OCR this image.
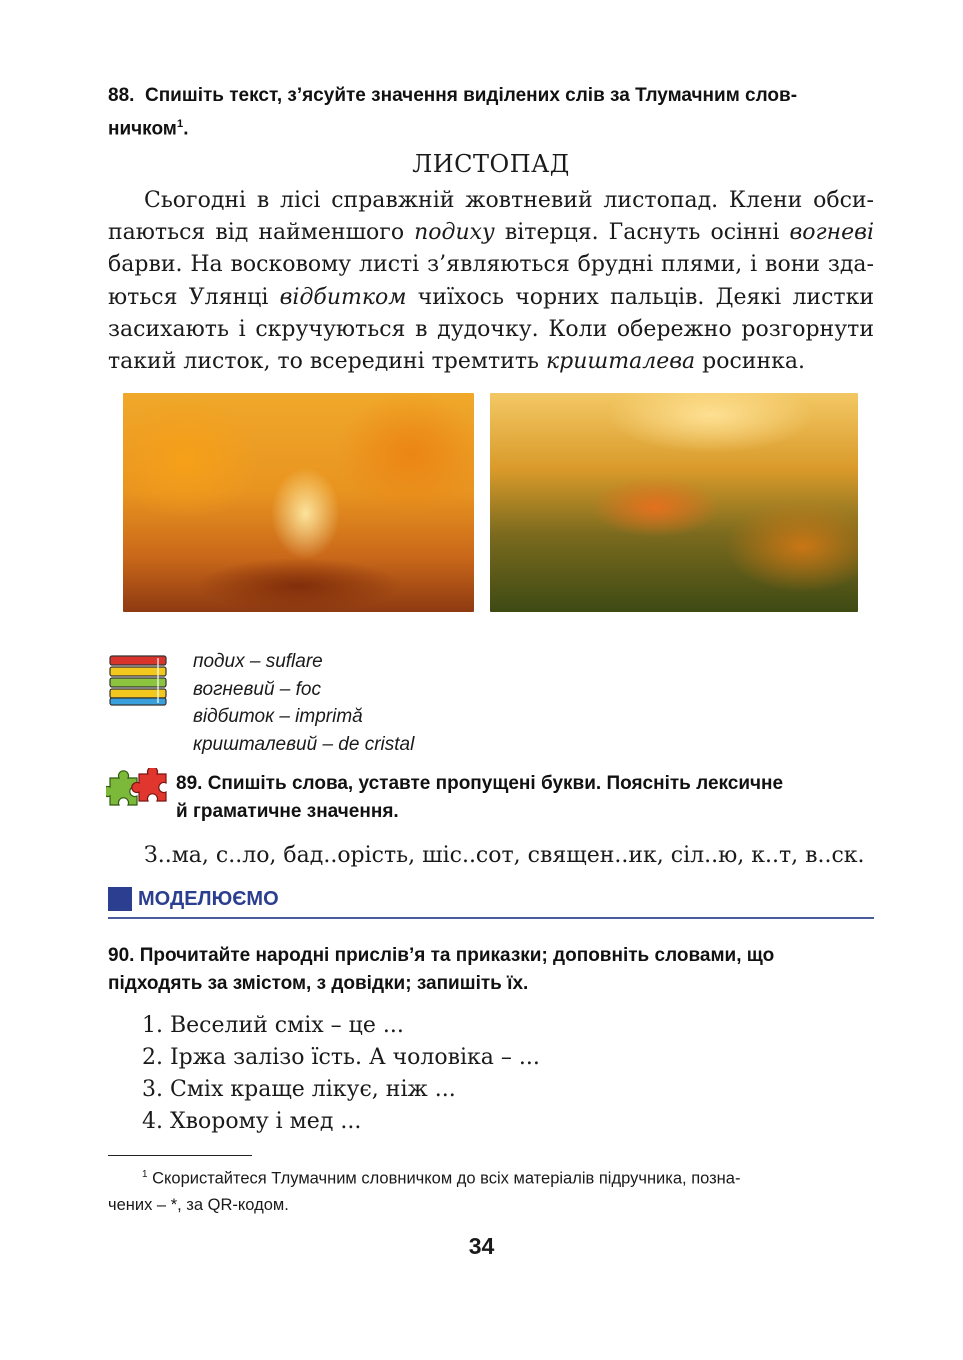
88. Спишіть текст, з’ясуйте значення виділених слів за Тлумачним слов-
ничком$^1$.
ЛИСТОПАД
Сьогодні в лісі справжній жовтневий листопад. Клени обси-
паються від найменшого подиху вітерця. Гаснуть осінні вогневі
барви. На восковому листі з’являються брудні плями, і вони зда-
ються Улянці відбитком чиїхось чорних пальців. Деякі листки
засихають і скручуються в дудочку. Коли обережно розгорнути
такий листок, то всередині тремтить кришталева росинка.
подих – suflare
вогневий – foc
відбиток – imprimă
кришталевий – de cristal
89. Спишіть слова, уставте пропущені букви. Поясніть лексичне
й граматичне значення.
З..ма, с..ло, бад..орість, шіс..сот, священ..ик, сіл..ю, к..т, в..ск.
МОДЕЛЮЄМО
90. Прочитайте народні прислів’я та приказки; доповніть словами, що
підходять за змістом, з довідки; запишіть їх.
1. Веселий сміх – це ...
2. Іржа залізо їсть. А чоловіка – ...
3. Сміх краще лікує, ніж ...
4. Хворому і мед ...
$^1$ Скористайтеся Тлумачним словничком до всіх матеріалів підручника, позна-
чених – *, за QR-кодом.
34
